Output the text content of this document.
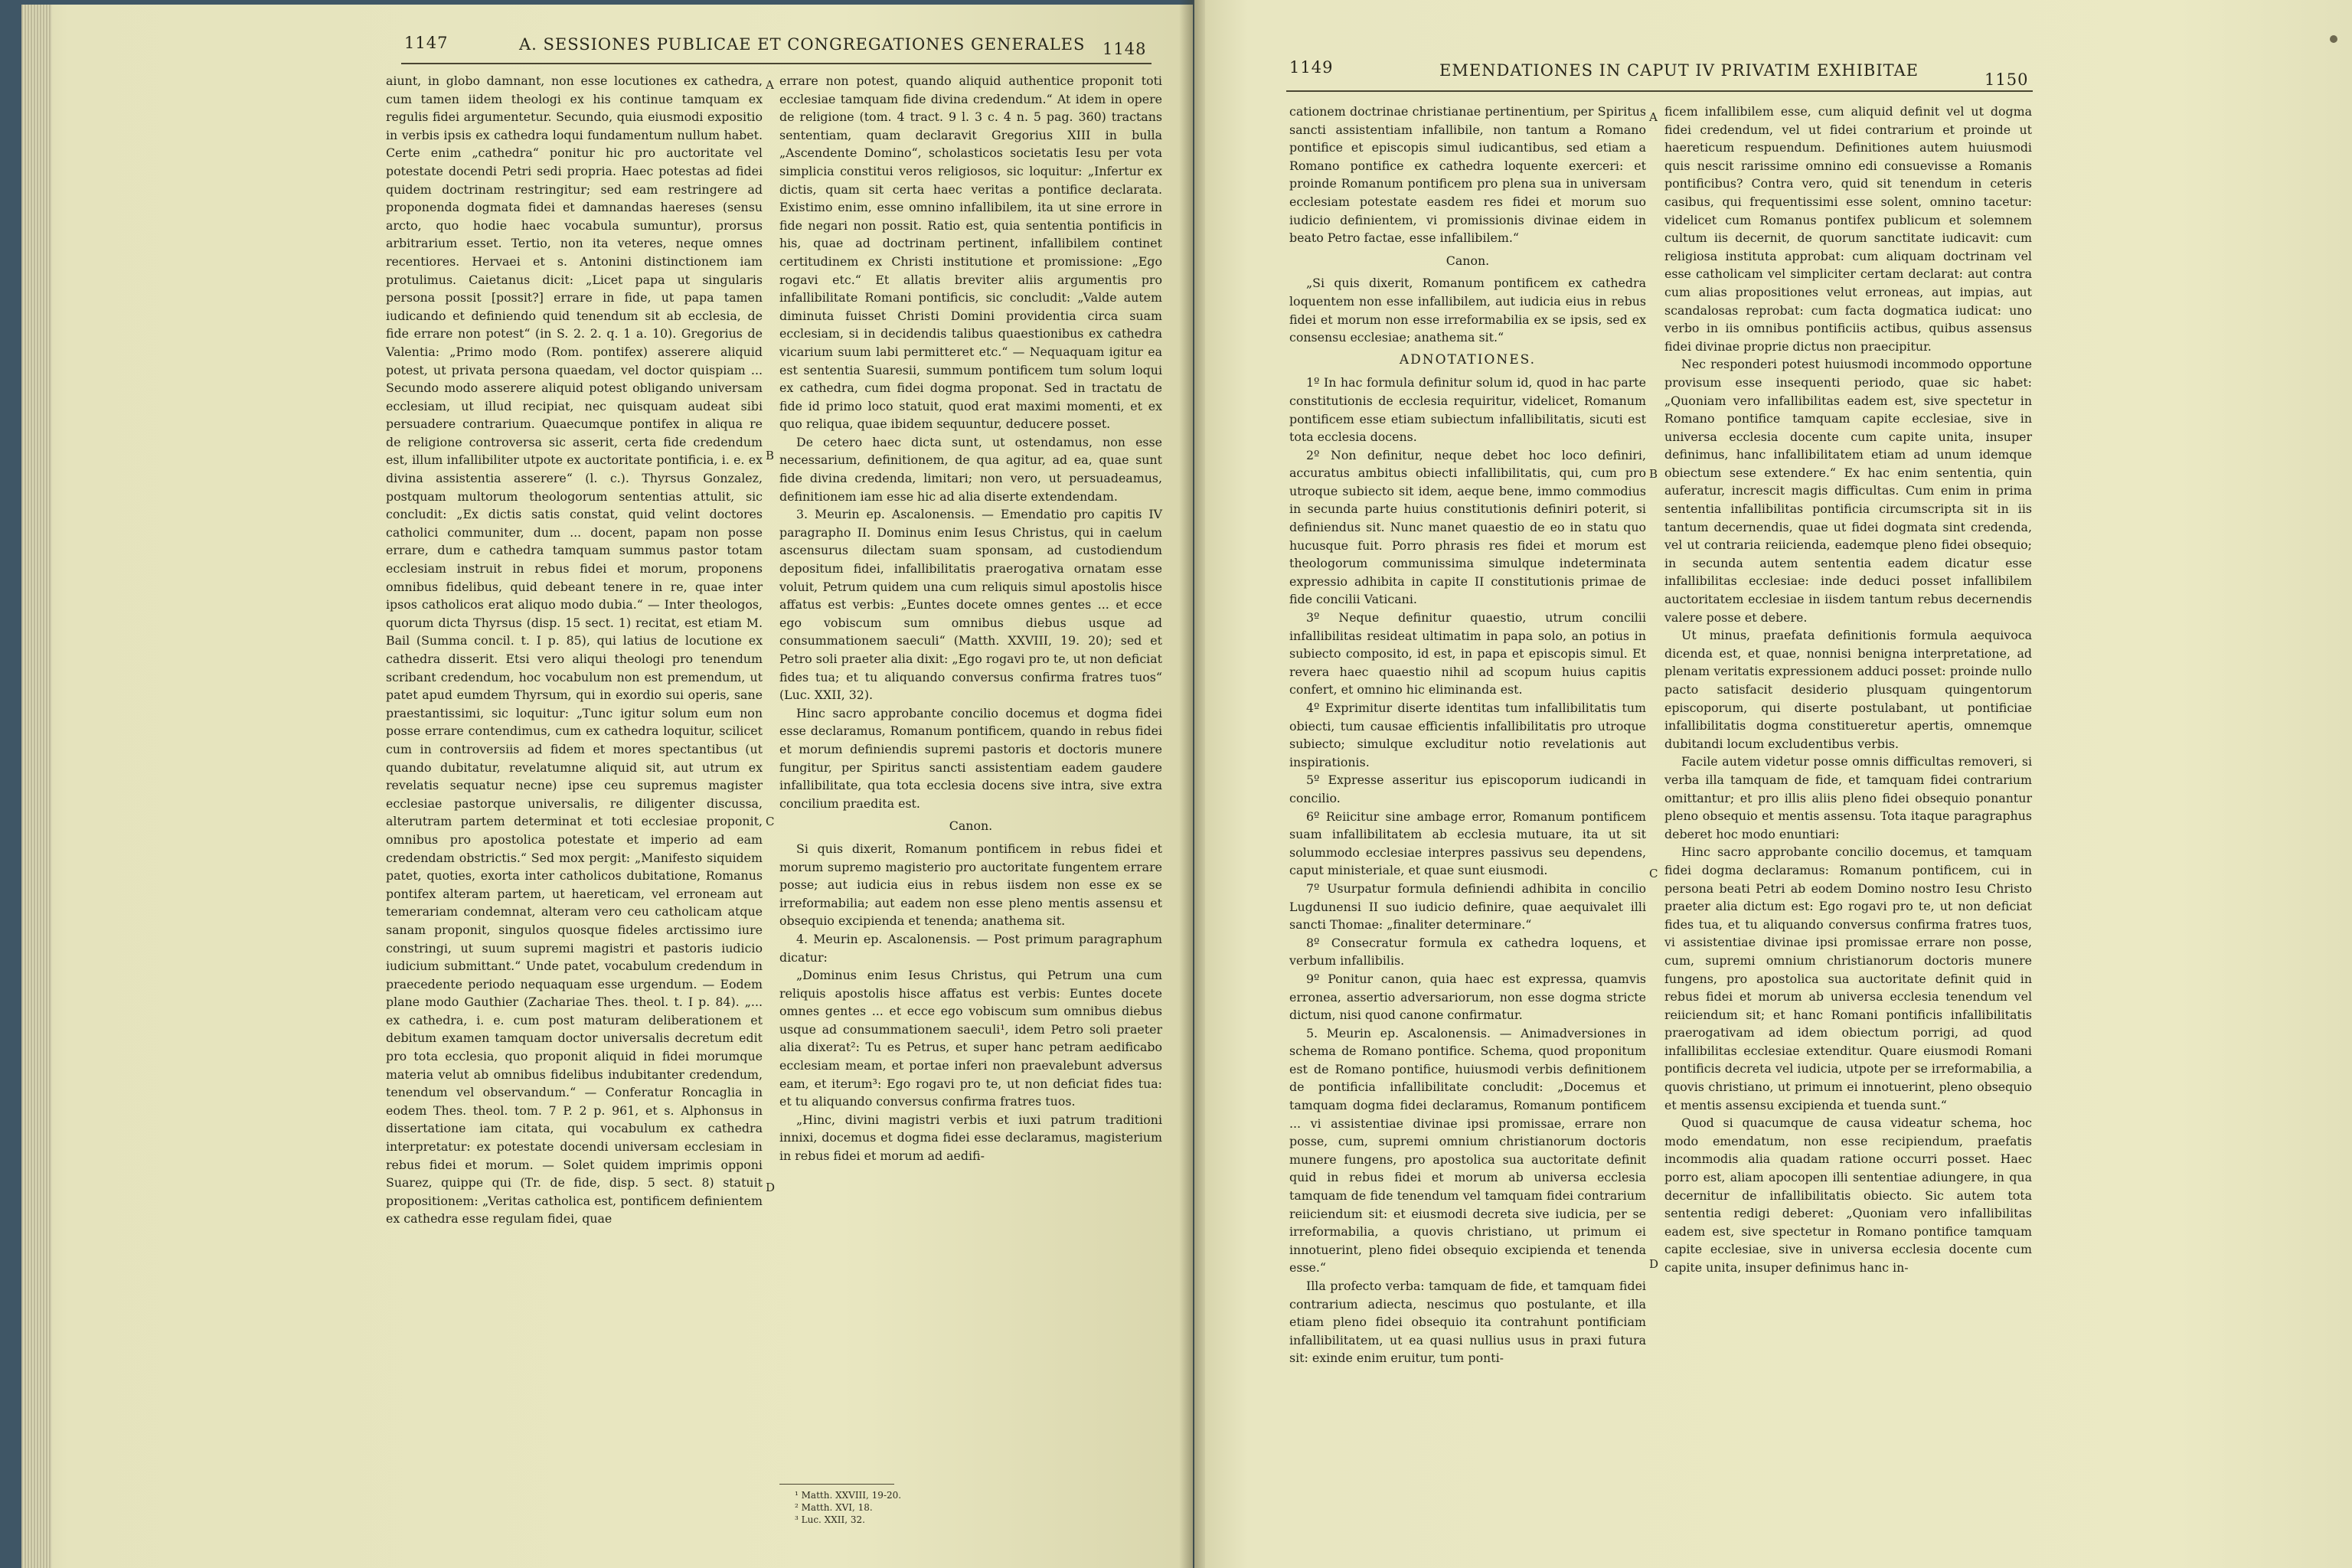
1147	A. SESSIONES PUBLICAE ET CONGREGATIONES GENERALES 1148

aiunt, in globo damnant, non esse locutiones ex cathedra, cum tamen iidem theologi ex his continue tamquam ex regulis fidei argumentetur. Secundo, quia eiusmodi expositio in verbis ipsis ex cathedra loqui fundamentum nullum habet. Certe enim „cathedra“ ponitur hic pro auctoritate vel potestate docendi Petri sedi propria. Haec potestas ad fidei quidem doctrinam restringitur; sed eam restringere ad proponenda dogmata fidei et damnandas haereses (sensu arcto, quo hodie haec vocabula sumuntur), prorsus arbitrarium esset. Tertio, non ita veteres, neque omnes recentiores. Hervaei et s. Antonini distinctionem iam protulimus. Caietanus dicit: „Licet papa ut singularis persona possit [possit?] errare in fide, ut papa tamen iudicando et definiendo quid tenendum sit ab ecclesia, de fide errare non potest“ (in S. 2. 2. q. 1 a. 10). Gregorius de Valentia: „Primo modo (Rom. pontifex) asserere aliquid potest, ut privata persona quaedam, vel doctor quispiam ... Secundo modo asserere aliquid potest obligando universam ecclesiam, ut illud recipiat, nec quisquam audeat sibi persuadere contrarium. Quaecumque pontifex in aliqua re de religione controversa sic asserit, certa fide credendum est, illum infallibiliter utpote ex auctoritate pontificia, i. e. ex divina assistentia asserere“ (l. c.). Thyrsus Gonzalez, postquam multorum theologorum sententias attulit, sic concludit: „Ex dictis satis constat, quid velint doctores catholici communiter, dum ... docent, papam non posse errare, dum e cathedra tamquam summus pastor totam ecclesiam instruit in rebus fidei et morum, proponens omnibus fidelibus, quid debeant tenere in re, quae inter ipsos catholicos erat aliquo modo dubia.“ — Inter theologos, quorum dicta Thyrsus (disp. 15 sect. 1) recitat, est etiam M. Bail (Summa concil. t. I p. 85), qui latius de locutione ex cathedra disserit. Etsi vero aliqui theologi pro tenendum scribant credendum, hoc vocabulum non est premendum, ut patet apud eumdem Thyrsum, qui in exordio sui operis, sane praestantissimi, sic loquitur: „Tunc igitur solum eum non posse errare contendimus, cum ex cathedra loquitur, scilicet cum in controversiis ad fidem et mores spectantibus (ut quando dubitatur, revelatumne aliquid sit, aut utrum ex revelatis sequatur necne) ipse ceu supremus magister ecclesiae pastorque universalis, re diligenter discussa, alterutram partem determinat et toti ecclesiae proponit, omnibus pro apostolica potestate et imperio ad eam credendam obstrictis.“ Sed mox pergit: „Manifesto siquidem patet, quoties, exorta inter catholicos dubitatione, Romanus pontifex alteram partem, ut haereticam, vel erroneam aut temerariam condemnat, alteram vero ceu catholicam atque sanam proponit, singulos quosque fideles arctissimo iure constringi, ut suum supremi magistri et pastoris iudicio iudicium submittant.“ Unde patet, vocabulum credendum in praecedente periodo nequaquam esse urgendum. — Eodem plane modo Gauthier (Zachariae Thes. theol. t. I p. 84). „... ex cathedra, i. e. cum post maturam deliberationem et debitum examen tamquam doctor universalis decretum edit pro tota ecclesia, quo proponit aliquid in fidei morumque materia velut ab omnibus fidelibus indubitanter credendum, tenendum vel observandum.“ — Conferatur Roncaglia in eodem Thes. theol. tom. 7 P. 2 p. 961, et s. Alphonsus in dissertatione iam citata, qui vocabulum ex cathedra interpretatur: ex potestate docendi universam ecclesiam in rebus fidei et morum. — Solet quidem imprimis opponi Suarez, quippe qui (Tr. de fide, disp. 5 sect. 8) statuit propositionem: „Veritas catholica est, pontificem definientem ex cathedra esse regulam fidei, quae

A
B
C
D

errare non potest, quando aliquid authentice proponit toti ecclesiae tamquam fide divina credendum.“ At idem in opere de religione (tom. 4 tract. 9 l. 3 c. 4 n. 5 pag. 360) tractans sententiam, quam declaravit Gregorius XIII in bulla „Ascendente Domino“, scholasticos societatis Iesu per vota simplicia constitui veros religiosos, sic loquitur: „Infertur ex dictis, quam sit certa haec veritas a pontifice declarata. Existimo enim, esse omnino infallibilem, ita ut sine errore in fide negari non possit. Ratio est, quia sententia pontificis in his, quae ad doctrinam pertinent, infallibilem continet certitudinem ex Christi institutione et promissione: „Ego rogavi etc.“ Et allatis breviter aliis argumentis pro infallibilitate Romani pontificis, sic concludit: „Valde autem diminuta fuisset Christi Domini providentia circa suam ecclesiam, si in decidendis talibus quaestionibus ex cathedra vicarium suum labi permitteret etc.“ — Nequaquam igitur ea est sententia Suaresii, summum pontificem tum solum loqui ex cathedra, cum fidei dogma proponat. Sed in tractatu de fide id primo loco statuit, quod erat maximi momenti, et ex quo reliqua, quae ibidem sequuntur, deducere posset.

De cetero haec dicta sunt, ut ostendamus, non esse necessarium, definitionem, de qua agitur, ad ea, quae sunt fide divina credenda, limitari; non vero, ut persuadeamus, definitionem iam esse hic ad alia diserte extendendam.

3. Meurin ep. Ascalonensis. — Emendatio pro capitis IV paragrapho II. Dominus enim Iesus Christus, qui in caelum ascensurus dilectam suam sponsam, ad custodiendum depositum fidei, infallibilitatis praerogativa ornatam esse voluit, Petrum quidem una cum reliquis simul apostolis hisce affatus est verbis: „Euntes docete omnes gentes ... et ecce ego vobiscum sum omnibus diebus usque ad consummationem saeculi“ (Matth. XXVIII, 19. 20); sed et Petro soli praeter alia dixit: „Ego rogavi pro te, ut non deficiat fides tua; et tu aliquando conversus confirma fratres tuos“ (Luc. XXII, 32).

Hinc sacro approbante concilio docemus et dogma fidei esse declaramus, Romanum pontificem, quando in rebus fidei et morum definiendis supremi pastoris et doctoris munere fungitur, per Spiritus sancti assistentiam eadem gaudere infallibilitate, qua tota ecclesia docens sive intra, sive extra concilium praedita est.

Canon.

Si quis dixerit, Romanum pontificem in rebus fidei et morum supremo magisterio pro auctoritate fungentem errare posse; aut iudicia eius in rebus iisdem non esse ex se irreformabilia; aut eadem non esse pleno mentis assensu et obsequio excipienda et tenenda; anathema sit.

4. Meurin ep. Ascalonensis. — Post primum paragraphum dicatur:

„Dominus enim Iesus Christus, qui Petrum una cum reliquis apostolis hisce affatus est verbis: Euntes docete omnes gentes ... et ecce ego vobiscum sum omnibus diebus usque ad consummationem saeculi¹, idem Petro soli praeter alia dixerat²: Tu es Petrus, et super hanc petram aedificabo ecclesiam meam, et portae inferi non praevalebunt adversus eam, et iterum³: Ego rogavi pro te, ut non deficiat fides tua: et tu aliquando conversus confirma fratres tuos.

„Hinc, divini magistri verbis et iuxi patrum traditioni innixi, docemus et dogma fidei esse declaramus, magisterium in rebus fidei et morum ad aedifi-

¹ Matth. XXVIII, 19-20.
² Matth. XVI, 18.
³ Luc. XXII, 32.
1149	EMENDATIONES IN CAPUT IV PRIVATIM EXHIBITAE	1150

cationem doctrinae christianae pertinentium, per Spiritus sancti assistentiam infallibile, non tantum a Romano pontifice et episcopis simul iudicantibus, sed etiam a Romano pontifice ex cathedra loquente exerceri: et proinde Romanum pontificem pro plena sua in universam ecclesiam potestate easdem res fidei et morum suo iudicio definientem, vi promissionis divinae eidem in beato Petro factae, esse infallibilem.“

Canon.

„Si quis dixerit, Romanum pontificem ex cathedra loquentem non esse infallibilem, aut iudicia eius in rebus fidei et morum non esse irreformabilia ex se ipsis, sed ex consensu ecclesiae; anathema sit.“

ADNOTATIONES.

1º In hac formula definitur solum id, quod in hac parte constitutionis de ecclesia requiritur, videlicet, Romanum pontificem esse etiam subiectum infallibilitatis, sicuti est tota ecclesia docens.

2º Non definitur, neque debet hoc loco definiri, accuratus ambitus obiecti infallibilitatis, qui, cum pro utroque subiecto sit idem, aeque bene, immo commodius in secunda parte huius constitutionis definiri poterit, si definiendus sit. Nunc manet quaestio de eo in statu quo hucusque fuit. Porro phrasis res fidei et morum est theologorum communissima simulque indeterminata expressio adhibita in capite II constitutionis primae de fide concilii Vaticani.

3º Neque definitur quaestio, utrum concilii infallibilitas resideat ultimatim in papa solo, an potius in subiecto composito, id est, in papa et episcopis simul. Et revera haec quaestio nihil ad scopum huius capitis confert, et omnino hic eliminanda est.

4º Exprimitur diserte identitas tum infallibilitatis tum obiecti, tum causae efficientis infallibilitatis pro utroque subiecto; simulque excluditur notio revelationis aut inspirationis.

5º Expresse asseritur ius episcoporum iudicandi in concilio.

6º Reiicitur sine ambage error, Romanum pontificem suam infallibilitatem ab ecclesia mutuare, ita ut sit solummodo ecclesiae interpres passivus seu dependens, caput ministeriale, et quae sunt eiusmodi.

7º Usurpatur formula definiendi adhibita in concilio Lugdunensi II suo iudicio definire, quae aequivalet illi sancti Thomae: „finaliter determinare.“

8º Consecratur formula ex cathedra loquens, et verbum infallibilis.

9º Ponitur canon, quia haec est expressa, quamvis erronea, assertio adversariorum, non esse dogma stricte dictum, nisi quod canone confirmatur.

5. Meurin ep. Ascalonensis. — Animadversiones in schema de Romano pontifice. Schema, quod proponitum est de Romano pontifice, huiusmodi verbis definitionem de pontificia infallibilitate concludit: „Docemus et tamquam dogma fidei declaramus, Romanum pontificem ... vi assistentiae divinae ipsi promissae, errare non posse, cum, supremi omnium christianorum doctoris munere fungens, pro apostolica sua auctoritate definit quid in rebus fidei et morum ab universa ecclesia tamquam de fide tenendum vel tamquam fidei contrarium reiiciendum sit: et eiusmodi decreta sive iudicia, per se irreformabilia, a quovis christiano, ut primum ei innotuerint, pleno fidei obsequio excipienda et tenenda esse.“

Illa profecto verba: tamquam de fide, et tamquam fidei contrarium adiecta, nescimus quo postulante, et illa etiam pleno fidei obsequio ita contrahunt pontificiam infallibilitatem, ut ea quasi nullius usus in praxi futura sit: exinde enim eruitur, tum ponti-

A
B
C
D

ficem infallibilem esse, cum aliquid definit vel ut dogma fidei credendum, vel ut fidei contrarium et proinde ut haereticum respuendum. Definitiones autem huiusmodi quis nescit rarissime omnino edi consuevisse a Romanis pontificibus? Contra vero, quid sit tenendum in ceteris casibus, qui frequentissimi esse solent, omnino tacetur: videlicet cum Romanus pontifex publicum et solemnem cultum iis decernit, de quorum sanctitate iudicavit: cum religiosa instituta approbat: cum aliquam doctrinam vel esse catholicam vel simpliciter certam declarat: aut contra cum alias propositiones velut erroneas, aut impias, aut scandalosas reprobat: cum facta dogmatica iudicat: uno verbo in iis omnibus pontificiis actibus, quibus assensus fidei divinae proprie dictus non praecipitur.

Nec responderi potest huiusmodi incommodo opportune provisum esse insequenti periodo, quae sic habet: „Quoniam vero infallibilitas eadem est, sive spectetur in Romano pontifice tamquam capite ecclesiae, sive in universa ecclesia docente cum capite unita, insuper definimus, hanc infallibilitatem etiam ad unum idemque obiectum sese extendere.“ Ex hac enim sententia, quin auferatur, increscit magis difficultas. Cum enim in prima sententia infallibilitas pontificia circumscripta sit in iis tantum decernendis, quae ut fidei dogmata sint credenda, vel ut contraria reiicienda, eademque pleno fidei obsequio; in secunda autem sententia eadem dicatur esse infallibilitas ecclesiae: inde deduci posset infallibilem auctoritatem ecclesiae in iisdem tantum rebus decernendis valere posse et debere.

Ut minus, praefata definitionis formula aequivoca dicenda est, et quae, nonnisi benigna interpretatione, ad plenam veritatis expressionem adduci posset: proinde nullo pacto satisfacit desiderio plusquam quingentorum episcoporum, qui diserte postulabant, ut pontificiae infallibilitatis dogma constitueretur apertis, omnemque dubitandi locum excludentibus verbis.

Facile autem videtur posse omnis difficultas removeri, si verba illa tamquam de fide, et tamquam fidei contrarium omittantur; et pro illis aliis pleno fidei obsequio ponantur pleno obsequio et mentis assensu. Tota itaque paragraphus deberet hoc modo enuntiari:

Hinc sacro approbante concilio docemus, et tamquam fidei dogma declaramus: Romanum pontificem, cui in persona beati Petri ab eodem Domino nostro Iesu Christo praeter alia dictum est: Ego rogavi pro te, ut non deficiat fides tua, et tu aliquando conversus confirma fratres tuos, vi assistentiae divinae ipsi promissae errare non posse, cum, supremi omnium christianorum doctoris munere fungens, pro apostolica sua auctoritate definit quid in rebus fidei et morum ab universa ecclesia tenendum vel reiiciendum sit; et hanc Romani pontificis infallibilitatis praerogativam ad idem obiectum porrigi, ad quod infallibilitas ecclesiae extenditur. Quare eiusmodi Romani pontificis decreta vel iudicia, utpote per se irreformabilia, a quovis christiano, ut primum ei innotuerint, pleno obsequio et mentis assensu excipienda et tuenda sunt.“

Quod si quacumque de causa videatur schema, hoc modo emendatum, non esse recipiendum, praefatis incommodis alia quadam ratione occurri posset. Haec porro est, aliam apocopen illi sententiae adiungere, in qua decernitur de infallibilitatis obiecto. Sic autem tota sententia redigi deberet: „Quoniam vero infallibilitas eadem est, sive spectetur in Romano pontifice tamquam capite ecclesiae, sive in universa ecclesia docente cum capite unita, insuper definimus hanc in-
